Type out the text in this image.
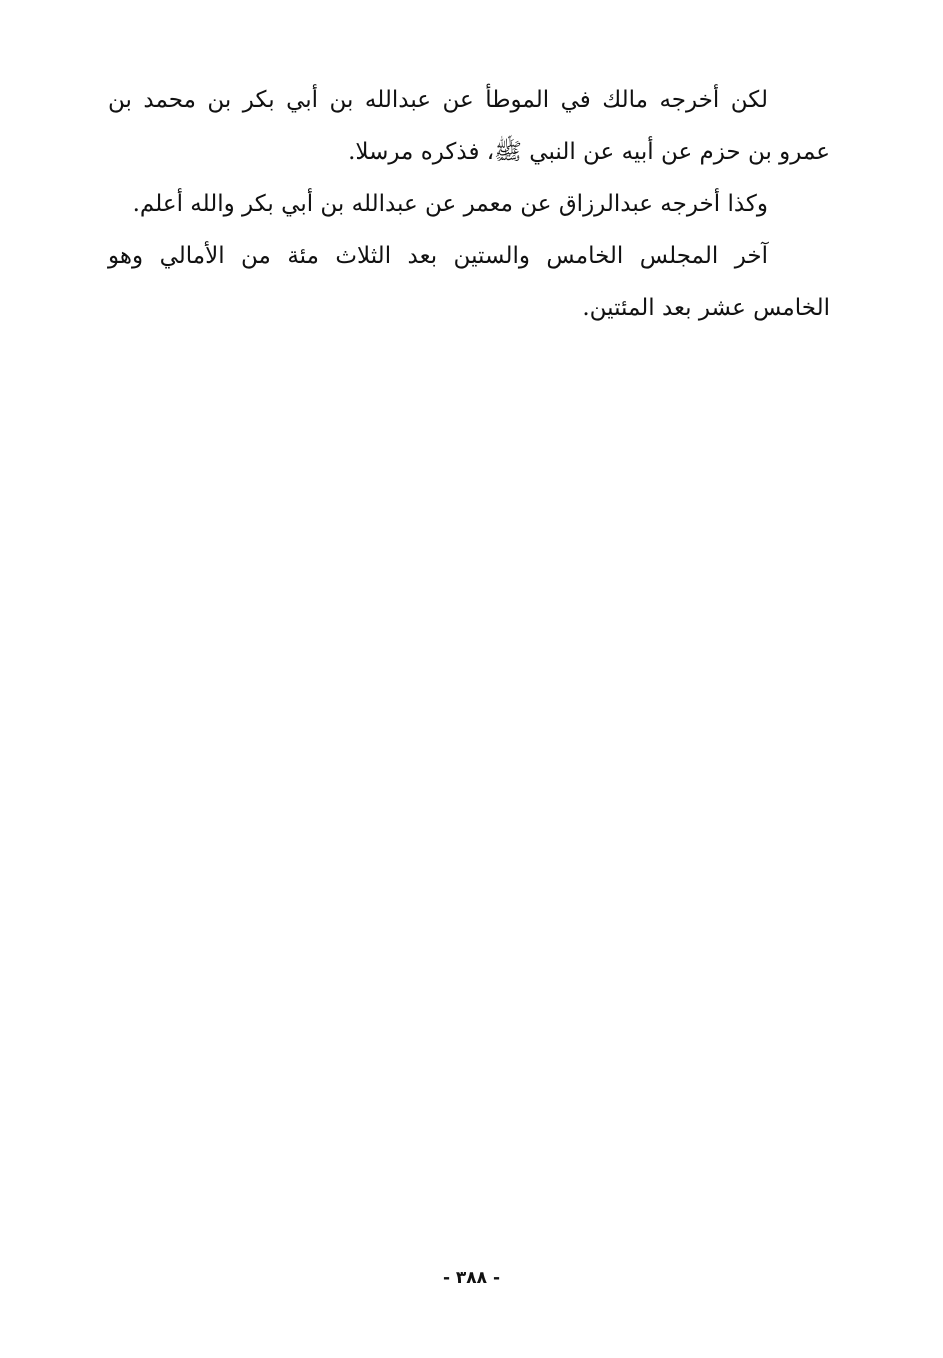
لكن أخرجه مالك في الموطأ عن عبدالله بن أبي بكر بن محمد بن عمرو بن حزم عن أبيه عن النبي ﷺ، فذكره مرسلا.

وكذا أخرجه عبدالرزاق عن معمر عن عبدالله بن أبي بكر والله أعلم.

آخر المجلس الخامس والستين بعد الثلاث مئة من الأمالي وهو الخامس عشر بعد المئتين.

- ٣٨٨ -
